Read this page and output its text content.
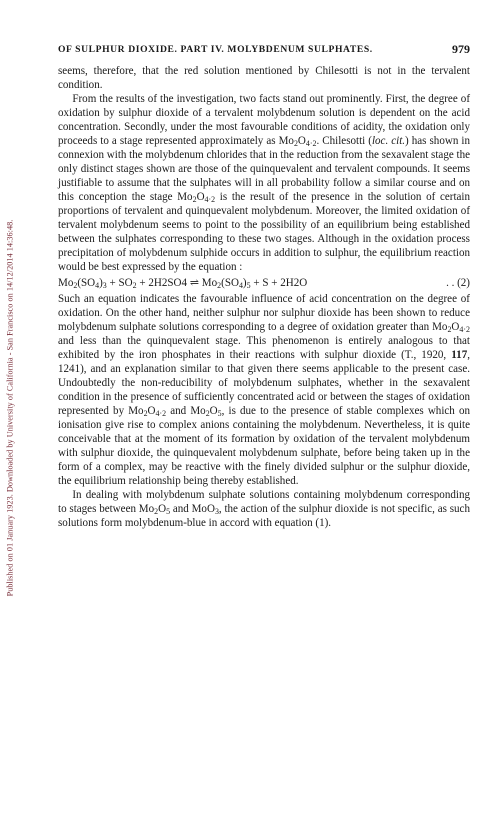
Published on 01 January 1923. Downloaded by University of California - San Francisco on 14/12/2014 14:36:48.
OF SULPHUR DIOXIDE. PART IV. MOLYBDENUM SULPHATES.	979

seems, therefore, that the red solution mentioned by Chilesotti is not in the tervalent condition.

From the results of the investigation, two facts stand out prominently. First, the degree of oxidation by sulphur dioxide of a tervalent molybdenum solution is dependent on the acid concentration. Secondly, under the most favourable conditions of acidity, the oxidation only proceeds to a stage represented approximately as $Mo_2O_{4\cdot 2}$. Chilesotti (loc. cit.) has shown in connexion with the molybdenum chlorides that in the reduction from the sexavalent stage the only distinct stages shown are those of the quinquevalent and tervalent compounds. It seems justifiable to assume that the sulphates will in all probability follow a similar course and on this conception the stage $Mo_2O_{4\cdot 2}$ is the result of the presence in the solution of certain proportions of tervalent and quinquevalent molybdenum. Moreover, the limited oxidation of tervalent molybdenum seems to point to the possibility of an equilibrium being established between the sulphates corresponding to these two stages. Although in the oxidation process precipitation of molybdenum sulphide occurs in addition to sulphur, the equilibrium reaction would be best expressed by the equation :

$Mo_2(SO_4)_3 + SO_2 + 2H2SO4$ ⇌ $Mo_2(SO_4)_5 + S + 2H2O$	. . (2)

Such an equation indicates the favourable influence of acid concentration on the degree of oxidation. On the other hand, neither sulphur nor sulphur dioxide has been shown to reduce molybdenum sulphate solutions corresponding to a degree of oxidation greater than $Mo_2O_{4\cdot 2}$ and less than the quinquevalent stage. This phenomenon is entirely analogous to that exhibited by the iron phosphates in their reactions with sulphur dioxide (T., 1920, 117, 1241), and an explanation similar to that given there seems applicable to the present case. Undoubtedly the non-reducibility of molybdenum sulphates, whether in the sexavalent condition in the presence of sufficiently concentrated acid or between the stages of oxidation represented by $Mo_2O_{4\cdot 2}$ and $Mo_2O_5$, is due to the presence of stable complexes which on ionisation give rise to complex anions containing the molybdenum. Nevertheless, it is quite conceivable that at the moment of its formation by oxidation of the tervalent molybdenum with sulphur dioxide, the quinquevalent molybdenum sulphate, before being taken up in the form of a complex, may be reactive with the finely divided sulphur or the sulphur dioxide, the equilibrium relationship being thereby established.

In dealing with molybdenum sulphate solutions containing molybdenum corresponding to stages between $Mo_2O_5$ and MoO$_3$, the action of the sulphur dioxide is not specific, as such solutions form molybdenum-blue in accord with equation (1).
